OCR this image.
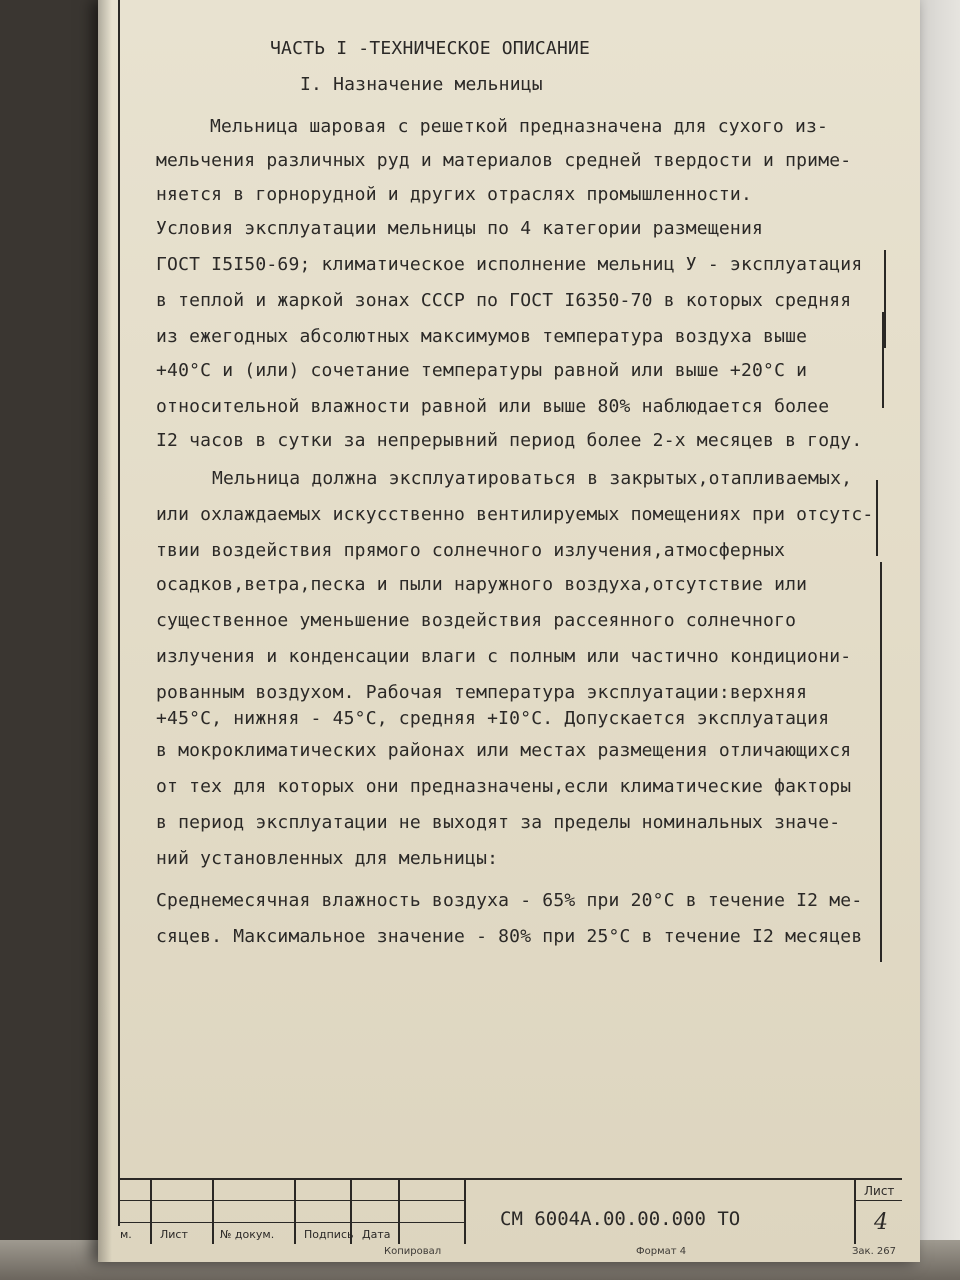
ЧАСТЬ I -ТЕХНИЧЕСКОЕ ОПИСАНИЕ
I. Назначение мельницы
Мельница шаровая с решеткой предназначена для сухого из-
мельчения различных руд и материалов средней твердости и приме-
няется в горнорудной и других отраслях промышленности.
Условия эксплуатации мельницы по 4 категории размещения
ГОСТ I5I50-69; климатическое исполнение мельниц У - эксплуатация
в теплой и жаркой зонах СССР по ГОСТ I6350-70 в которых средняя
из ежегодных абсолютных максимумов температура воздуха выше
+40°С и (или) сочетание температуры равной или выше +20°С и
относительной влажности равной или выше 80% наблюдается более
I2 часов в сутки за непрерывний период более 2-х месяцев в году.
Мельница должна эксплуатироваться в закрытых,отапливаемых,
или охлаждаемых искусственно вентилируемых помещениях при отсутс-
твии воздействия прямого солнечного излучения,атмосферных
осадков,ветра,песка и пыли наружного воздуха,отсутствие или
существенное уменьшение воздействия рассеянного солнечного
излучения и конденсации влаги с полным или частично кондициони-
рованным воздухом. Рабочая температура эксплуатации:верхняя
+45°С, нижняя - 45°С, средняя +I0°С. Допускается эксплуатация
в мокроклиматических районах или местах размещения отличающихся
от тех для которых они предназначены,если климатические факторы
в период эксплуатации не выходят за пределы номинальных значе-
ний установленных для мельницы:
Среднемесячная влажность воздуха - 65% при 20°С в течение I2 ме-
сяцев. Максимальное значение - 80% при 25°С в течение I2 месяцев
м.	Лист	№ докум.	Подпись Дата
СМ 6004А.00.00.000 ТО
Лист
4
Копировал	Формат 4	Зак. 267
